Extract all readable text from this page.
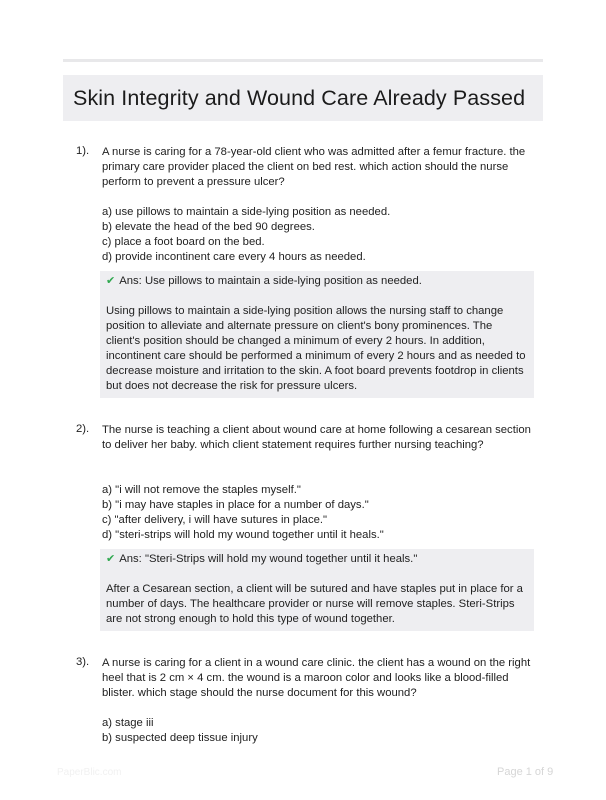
Skin Integrity and Wound Care Already Passed
1). A nurse is caring for a 78-year-old client who was admitted after a femur fracture. the primary care provider placed the client on bed rest. which action should the nurse perform to prevent a pressure ulcer?
a) use pillows to maintain a side-lying position as needed.
b) elevate the head of the bed 90 degrees.
c) place a foot board on the bed.
d) provide incontinent care every 4 hours as needed.
✔ Ans: Use pillows to maintain a side-lying position as needed.
Using pillows to maintain a side-lying position allows the nursing staff to change position to alleviate and alternate pressure on client's bony prominences. The client's position should be changed a minimum of every 2 hours. In addition, incontinent care should be performed a minimum of every 2 hours and as needed to decrease moisture and irritation to the skin. A foot board prevents footdrop in clients but does not decrease the risk for pressure ulcers.
2). The nurse is teaching a client about wound care at home following a cesarean section to deliver her baby. which client statement requires further nursing teaching?
a) "i will not remove the staples myself."
b) "i may have staples in place for a number of days."
c) "after delivery, i will have sutures in place."
d) "steri-strips will hold my wound together until it heals."
✔ Ans: "Steri-Strips will hold my wound together until it heals."
After a Cesarean section, a client will be sutured and have staples put in place for a number of days. The healthcare provider or nurse will remove staples. Steri-Strips are not strong enough to hold this type of wound together.
3). A nurse is caring for a client in a wound care clinic. the client has a wound on the right heel that is 2 cm × 4 cm. the wound is a maroon color and looks like a blood-filled blister. which stage should the nurse document for this wound?
a) stage iii
b) suspected deep tissue injury
PaperBlic.com	Page 1 of 9
